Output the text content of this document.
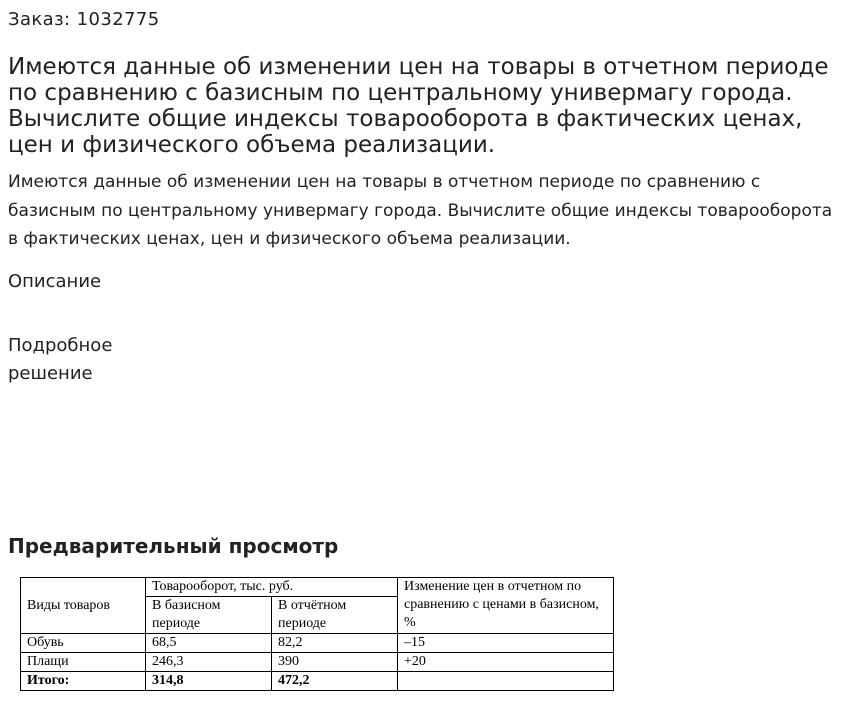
Заказ: 1032775
Имеются данные об изменении цен на товары в отчетном периоде по сравнению с базисным по центральному универмагу города. Вычислите общие индексы товарооборота в фактических ценах, цен и физического объема реализации.

Имеются данные об изменении цен на товары в отчетном периоде по сравнению с базисным по центральному универмагу города. Вычислите общие индексы товарооборота в фактических ценах, цен и физического объема реализации.

Описание
Подробное решение
Предварительный просмотр
Виды товаров	Товарооборот, тыс. руб.		Изменение цен в отчетном по сравнению с ценами в базисном, %
	В базисном периоде	В отчётном периоде	
Обувь	68,5	82,2	–15
Плащи	246,3	390	+20
Итого:	314,8	472,2	
